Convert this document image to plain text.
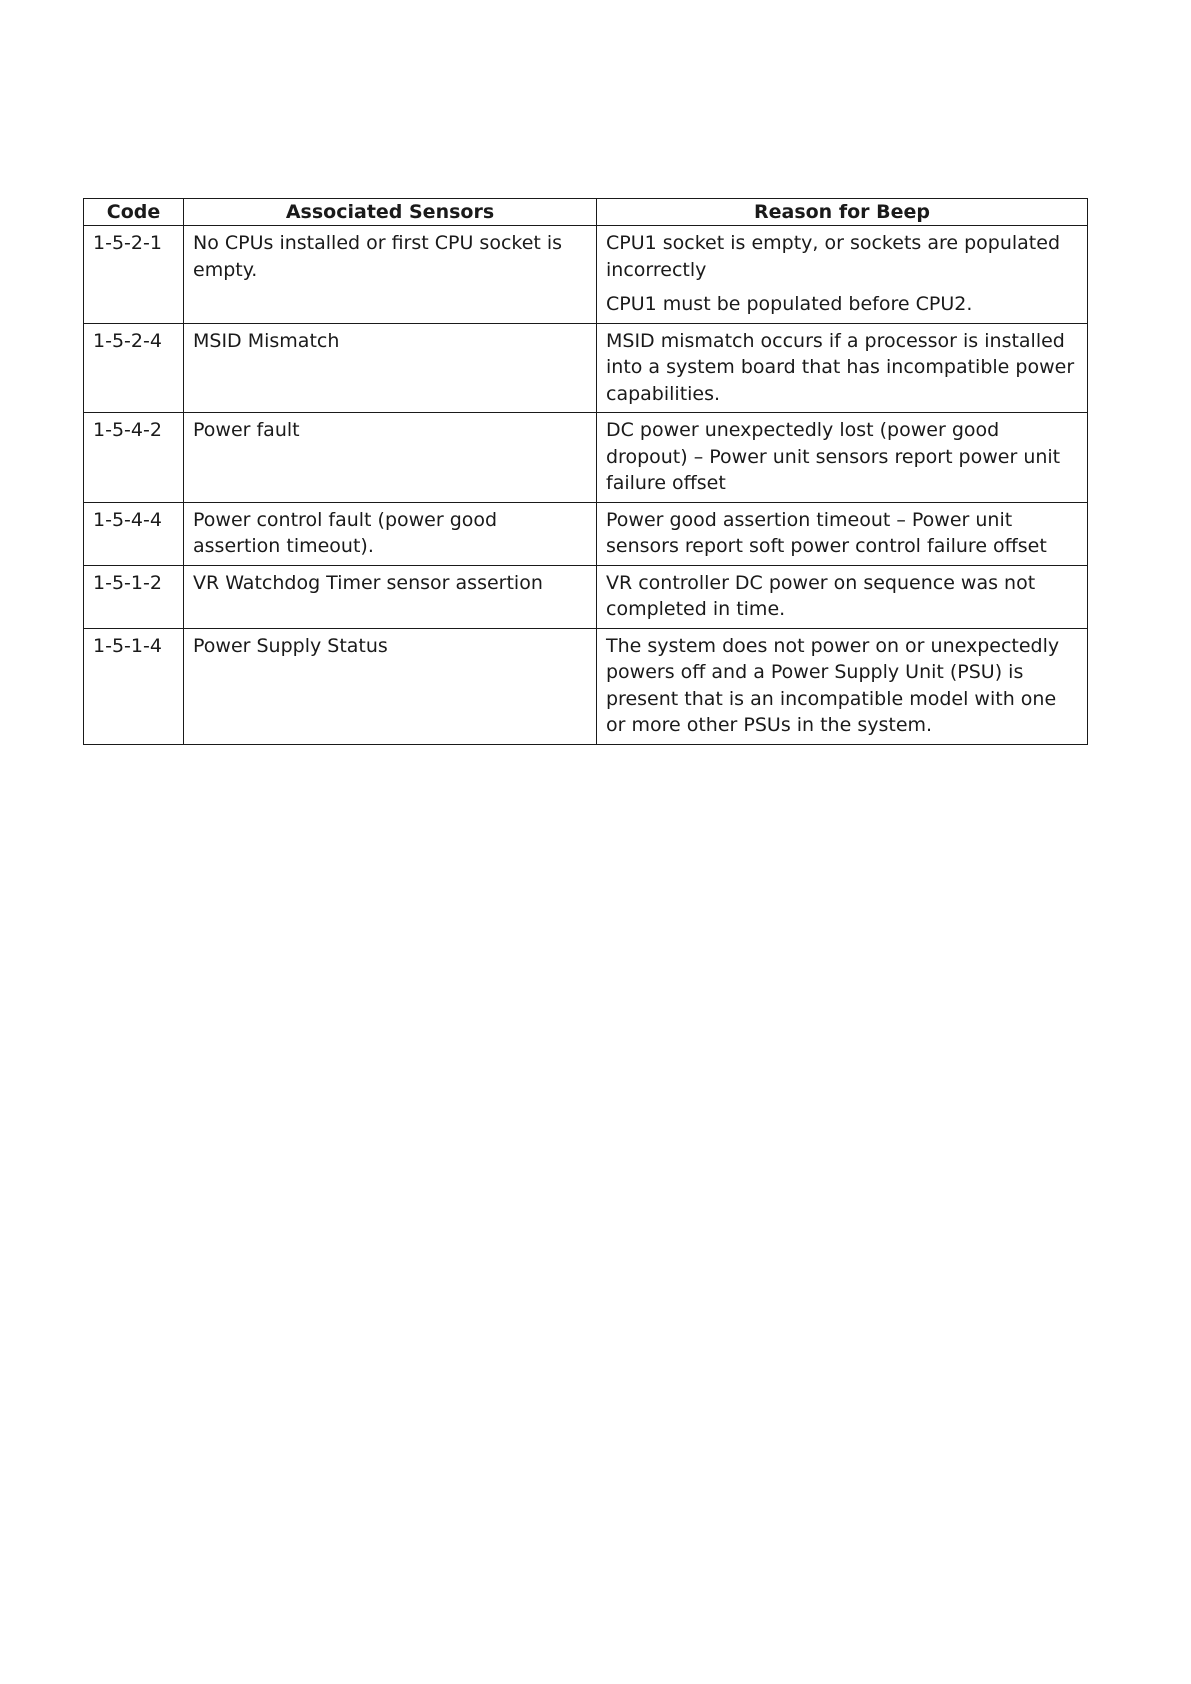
Code	Associated Sensors	Reason for Beep
1-5-2-1	No CPUs installed or first CPU socket is empty.	CPU1 socket is empty, or sockets are populated incorrectly
CPU1 must be populated before CPU2.

1-5-2-4	MSID Mismatch	MSID mismatch occurs if a processor is installed into a system board that has incompatible power capabilities.

1-5-4-2	Power fault	DC power unexpectedly lost (power good dropout) – Power unit sensors report power unit failure offset

1-5-4-4	Power control fault (power good assertion timeout).	Power good assertion timeout – Power unit sensors report soft power control failure offset

1-5-1-2	VR Watchdog Timer sensor assertion	VR controller DC power on sequence was not completed in time.

1-5-1-4	Power Supply Status	The system does not power on or unexpectedly powers off and a Power Supply Unit (PSU) is present that is an incompatible model with one or more other PSUs in the system.
